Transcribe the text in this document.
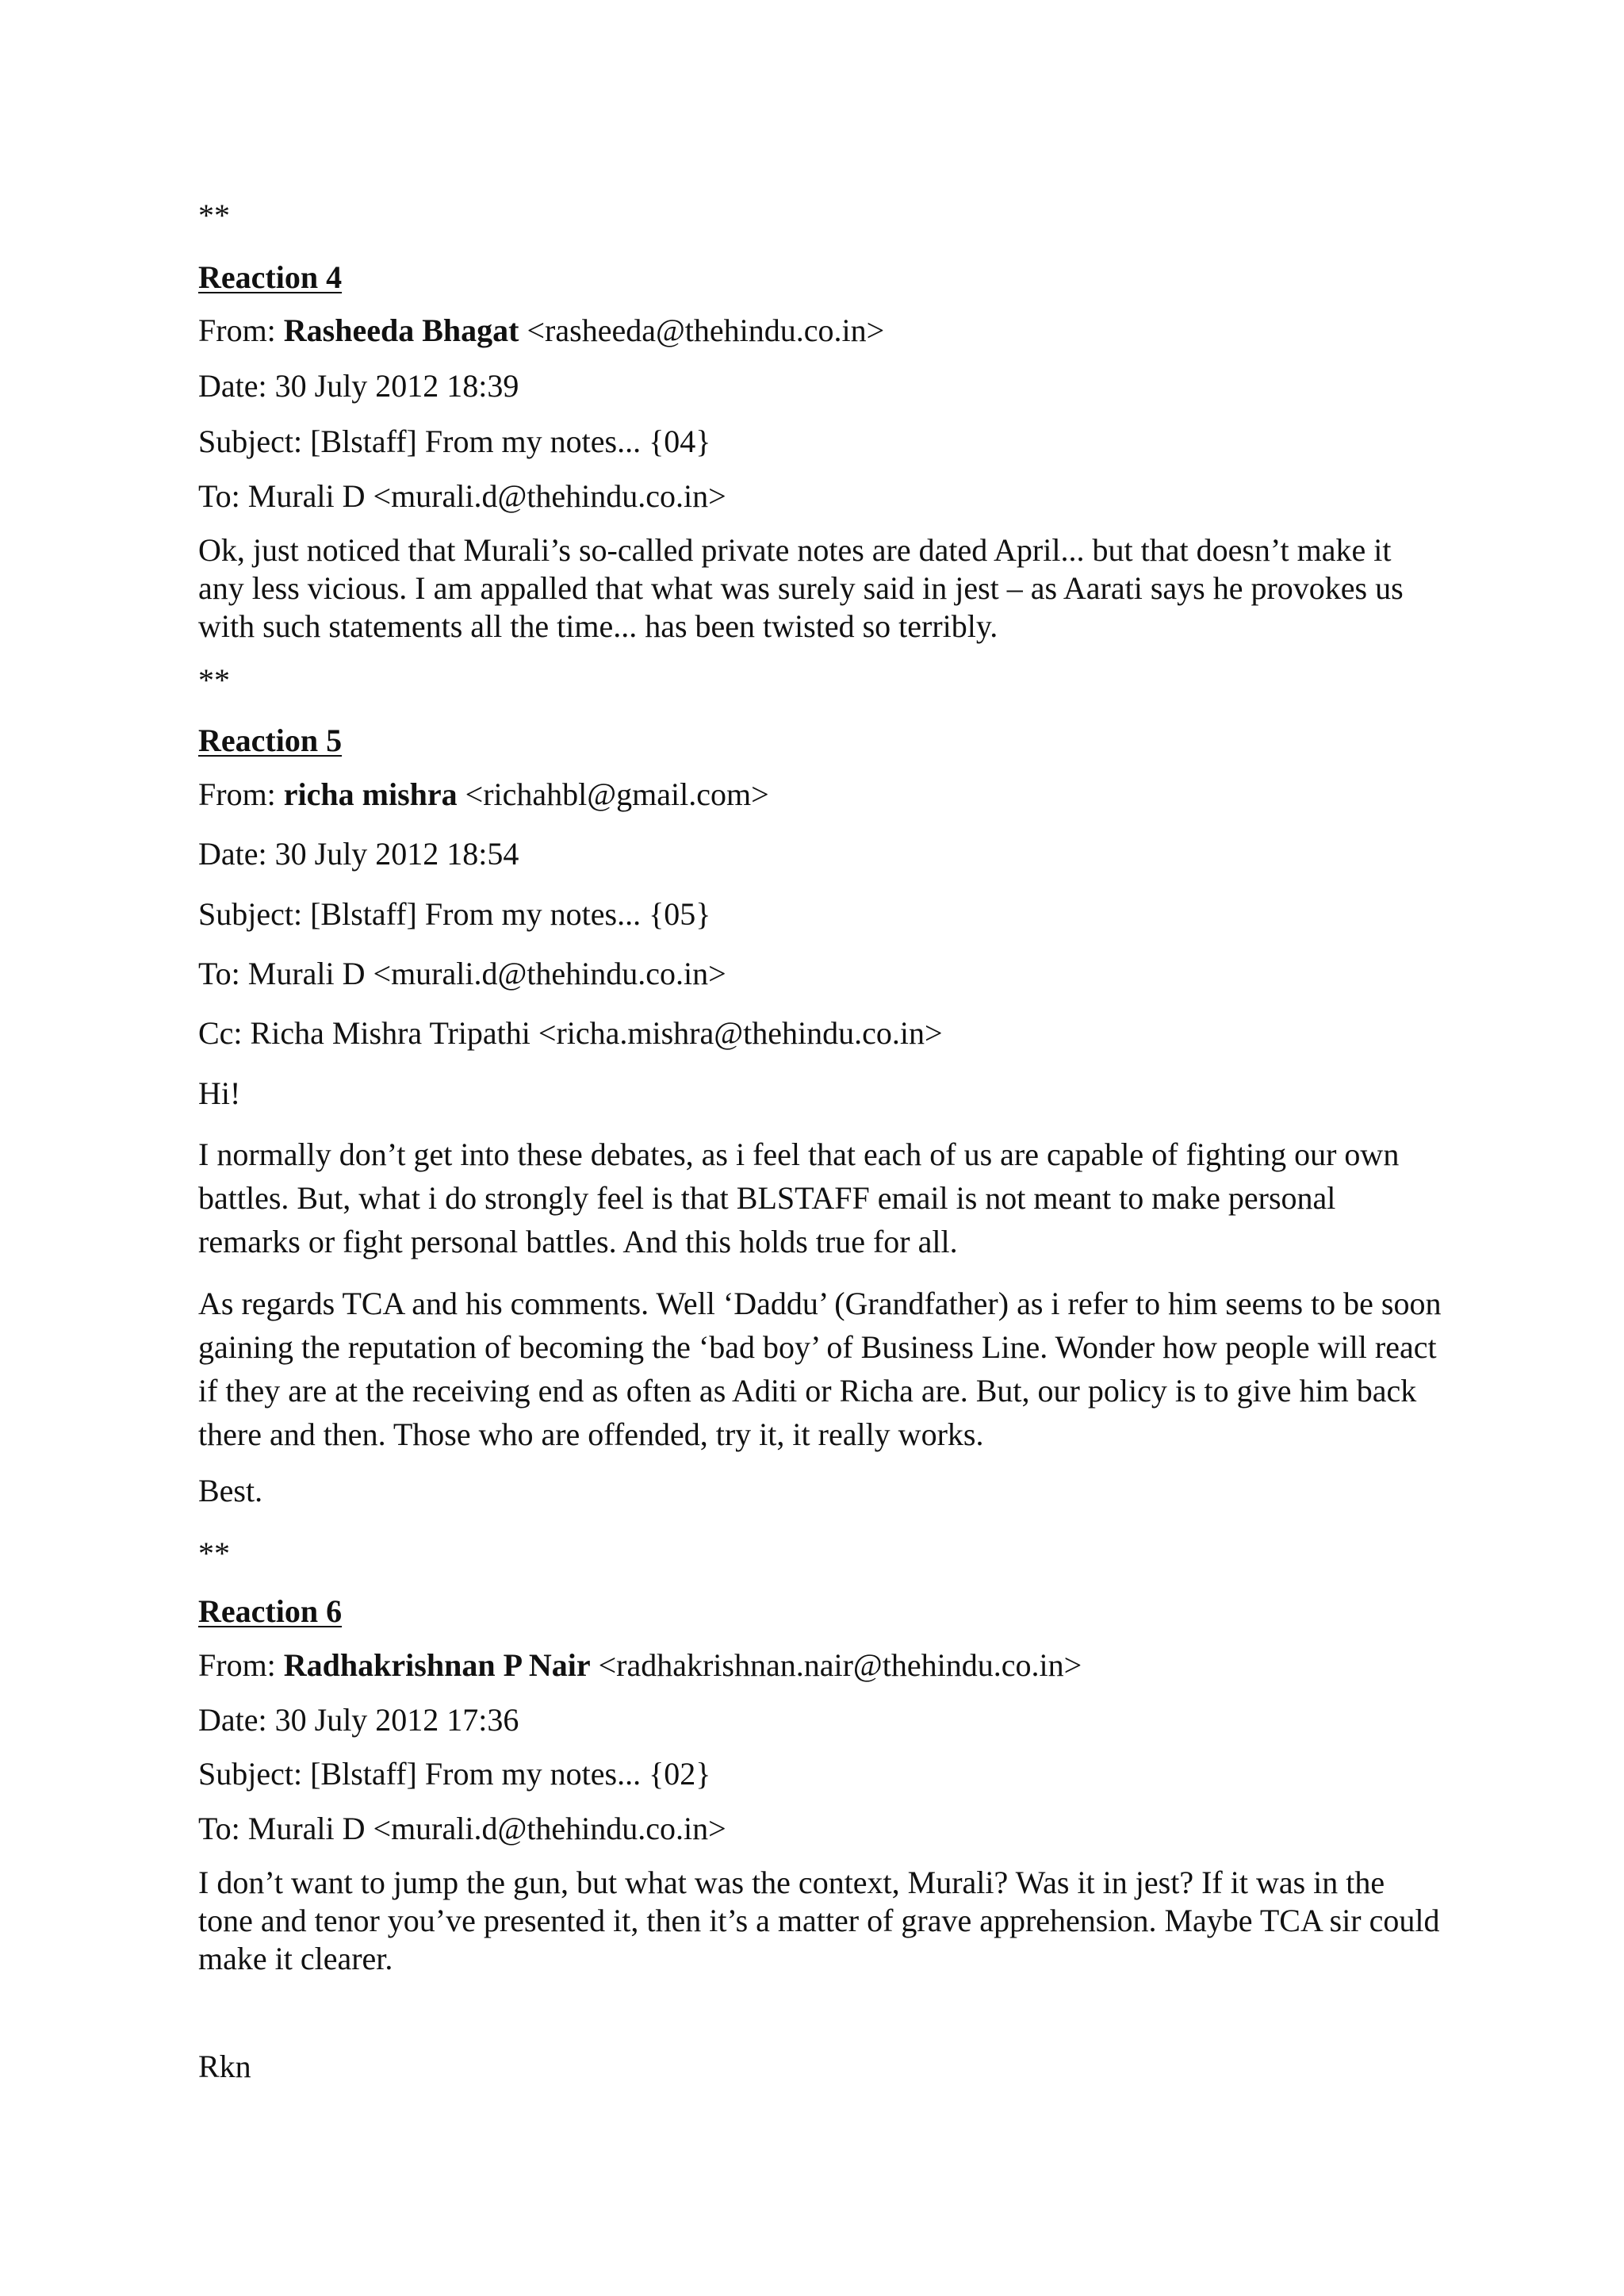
**

Reaction 4

From: Rasheeda Bhagat <rasheeda@thehindu.co.in>

Date: 30 July 2012 18:39

Subject: [Blstaff] From my notes... {04}

To: Murali D <murali.d@thehindu.co.in>

Ok, just noticed that Murali’s so-called private notes are dated April... but that doesn’t make it any less vicious. I am appalled that what was surely said in jest – as Aarati says he provokes us with such statements all the time... has been twisted so terribly.

**

Reaction 5

From: richa mishra <richahbl@gmail.com>

Date: 30 July 2012 18:54

Subject: [Blstaff] From my notes... {05}

To: Murali D <murali.d@thehindu.co.in>

Cc: Richa Mishra Tripathi <richa.mishra@thehindu.co.in>

Hi!

I normally don’t get into these debates, as i feel that each of us are capable of fighting our own battles. But, what i do strongly feel is that BLSTAFF email is not meant to make personal remarks or fight personal battles. And this holds true for all.

As regards TCA and his comments. Well ‘Daddu’ (Grandfather) as i refer to him seems to be soon gaining the reputation of becoming the ‘bad boy’ of Business Line. Wonder how people will react if they are at the receiving end as often as Aditi or Richa are. But, our policy is to give him back there and then. Those who are offended, try it, it really works.

Best.

**

Reaction 6

From: Radhakrishnan P Nair <radhakrishnan.nair@thehindu.co.in>

Date: 30 July 2012 17:36

Subject: [Blstaff] From my notes... {02}

To: Murali D <murali.d@thehindu.co.in>

I don’t want to jump the gun, but what was the context, Murali? Was it in jest? If it was in the tone and tenor you’ve presented it, then it’s a matter of grave apprehension. Maybe TCA sir could make it clearer.

Rkn
